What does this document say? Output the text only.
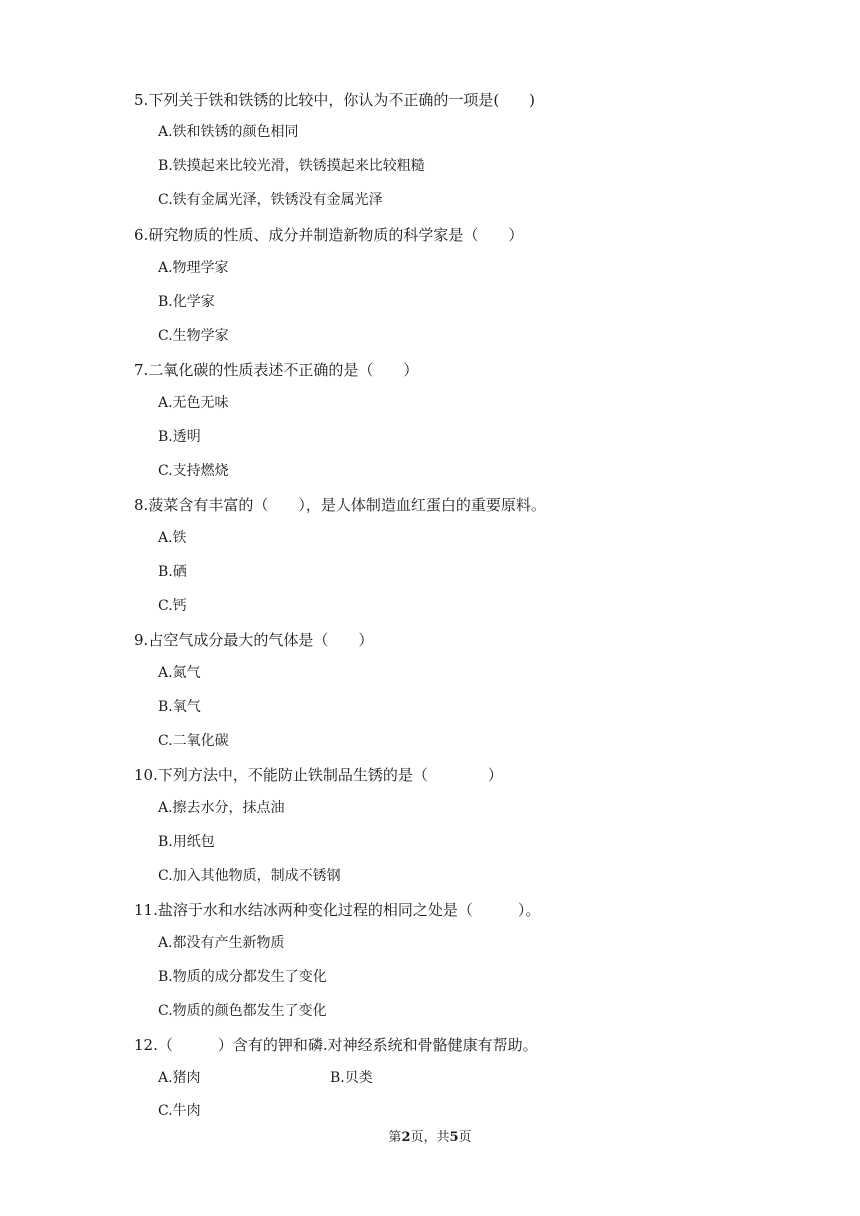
5.下列关于铁和铁锈的比较中，你认为不正确的一项是(　　)
A.铁和铁锈的颜色相同
B.铁摸起来比较光滑，铁锈摸起来比较粗糙
C.铁有金属光泽，铁锈没有金属光泽
6.研究物质的性质、成分并制造新物质的科学家是（　　）
A.物理学家
B.化学家
C.生物学家
7.二氧化碳的性质表述不正确的是（　　）
A.无色无味
B.透明
C.支持燃烧
8.菠菜含有丰富的（　　），是人体制造血红蛋白的重要原料。
A.铁
B.硒
C.钙
9.占空气成分最大的气体是（　　）
A.氮气
B.氧气
C.二氧化碳
10.下列方法中，不能防止铁制品生锈的是（　　　　）
A.擦去水分，抹点油
B.用纸包
C.加入其他物质，制成不锈钢
11.盐溶于水和水结冰两种变化过程的相同之处是（　　　）。
A.都没有产生新物质
B.物质的成分都发生了变化
C.物质的颜色都发生了变化
12.（　　　）含有的钾和磷.对神经系统和骨骼健康有帮助。
A.猪肉	B.贝类
C.牛肉
第2页，共5页
